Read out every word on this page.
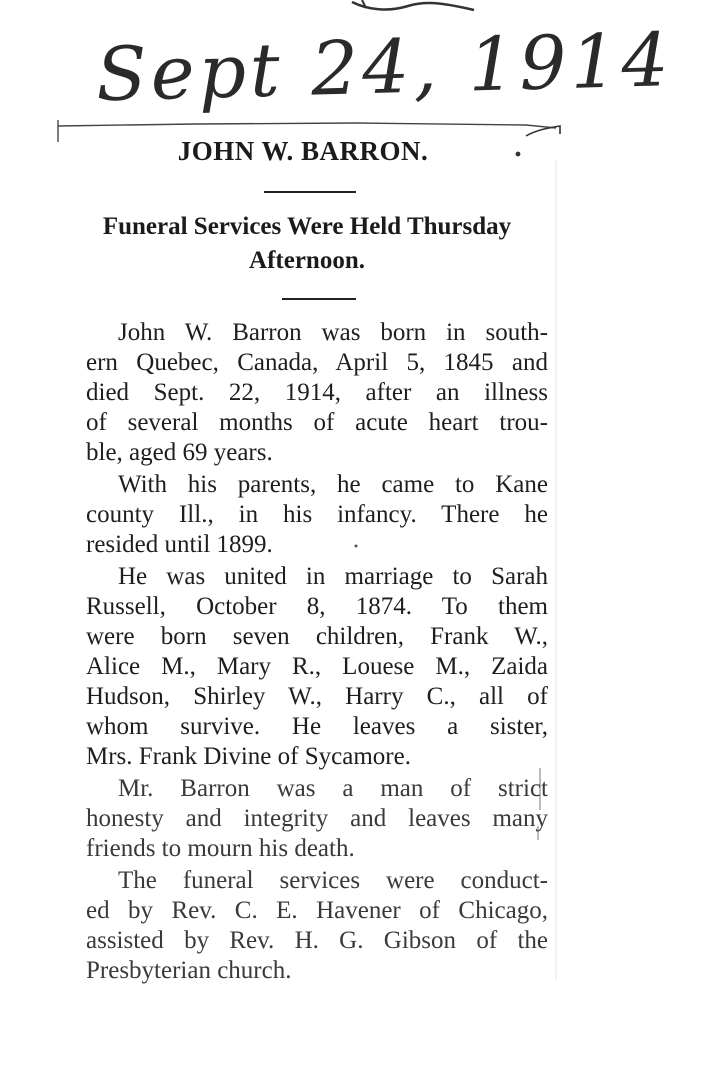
Sept 24, 1914
JOHN W. BARRON.
Funeral Services Were Held Thursday
Afternoon.
John W. Barron was born in south-
ern Quebec, Canada, April 5, 1845 and
died Sept. 22, 1914, after an illness
of several months of acute heart trou-
ble, aged 69 years.
With his parents, he came to Kane
county Ill., in his infancy. There he
resided until 1899.
He was united in marriage to Sarah
Russell, October 8, 1874. To them
were born seven children, Frank W.,
Alice M., Mary R., Louese M., Zaida
Hudson, Shirley W., Harry C., all of
whom survive. He leaves a sister,
Mrs. Frank Divine of Sycamore.
Mr. Barron was a man of strict
honesty and integrity and leaves many
friends to mourn his death.
The funeral services were conduct-
ed by Rev. C. E. Havener of Chicago,
assisted by Rev. H. G. Gibson of the
Presbyterian church.
